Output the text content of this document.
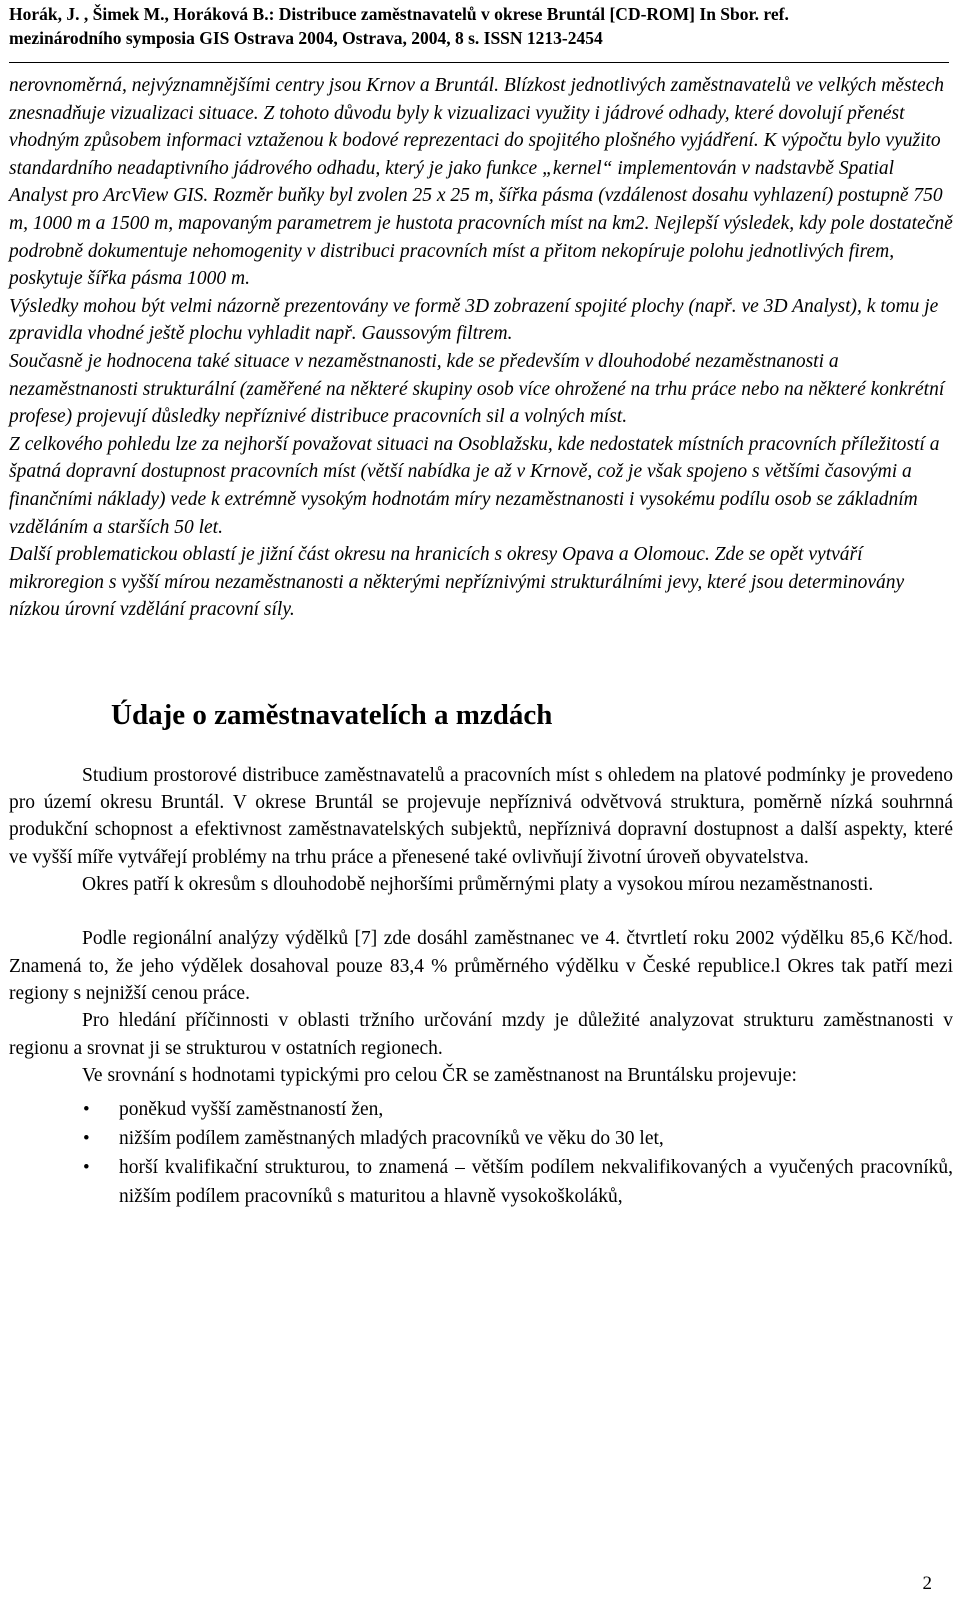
Horák, J. , Šimek M., Horáková B.: Distribuce zaměstnavatelů v okrese Bruntál [CD-ROM] In Sbor. ref.
mezinárodního symposia GIS Ostrava 2004, Ostrava, 2004, 8 s. ISSN 1213-2454

nerovnoměrná, nejvýznamnějšími centry jsou Krnov a Bruntál. Blízkost jednotlivých zaměstnavatelů ve velkých městech znesnadňuje vizualizaci situace. Z tohoto důvodu byly k vizualizaci využity i jádrové odhady, které dovolují přenést vhodným způsobem informaci vztaženou k bodové reprezentaci do spojitého plošného vyjádření. K výpočtu bylo využito standardního neadaptivního jádrového odhadu, který je jako funkce „kernel“ implementován v nadstavbě Spatial Analyst pro ArcView GIS. Rozměr buňky byl zvolen 25 x 25 m, šířka pásma (vzdálenost dosahu vyhlazení) postupně 750 m, 1000 m a 1500 m, mapovaným parametrem je hustota pracovních míst na km2. Nejlepší výsledek, kdy pole dostatečně podrobně dokumentuje nehomogenity v distribuci pracovních míst a přitom nekopíruje polohu jednotlivých firem, poskytuje šířka pásma 1000 m.

Výsledky mohou být velmi názorně prezentovány ve formě 3D zobrazení spojité plochy (např. ve 3D Analyst), k tomu je zpravidla vhodné ještě plochu vyhladit např. Gaussovým filtrem.

Současně je hodnocena také situace v nezaměstnanosti, kde se především v dlouhodobé nezaměstnanosti a nezaměstnanosti strukturální (zaměřené na některé skupiny osob více ohrožené na trhu práce nebo na některé konkrétní profese) projevují důsledky nepříznivé distribuce pracovních sil a volných míst.

Z celkového pohledu lze za nejhorší považovat situaci na Osoblažsku, kde nedostatek místních pracovních příležitostí a špatná dopravní dostupnost pracovních míst (větší nabídka je až v Krnově, což je však spojeno s většími časovými a finančními náklady) vede k extrémně vysokým hodnotám míry nezaměstnanosti i vysokému podílu osob se základním vzděláním a starších 50 let.

Další problematickou oblastí je jižní část okresu na hranicích s okresy Opava a Olomouc. Zde se opět vytváří mikroregion s vyšší mírou nezaměstnanosti a některými nepříznivými strukturálními jevy, které jsou determinovány nízkou úrovní vzdělání pracovní síly.

Údaje o zaměstnavatelích a mzdách

Studium prostorové distribuce zaměstnavatelů a pracovních míst s ohledem na platové podmínky je provedeno pro území okresu Bruntál. V okrese Bruntál se projevuje nepříznivá odvětvová struktura, poměrně nízká souhrnná produkční schopnost a efektivnost zaměstnavatelských subjektů, nepříznivá dopravní dostupnost a další aspekty, které ve vyšší míře vytvářejí problémy na trhu práce a přenesené také ovlivňují životní úroveň obyvatelstva.

Okres patří k okresům s dlouhodobě nejhoršími průměrnými platy a vysokou mírou nezaměstnanosti.

Podle regionální analýzy výdělků [7] zde dosáhl zaměstnanec ve 4. čtvrtletí roku 2002 výdělku 85,6 Kč/hod. Znamená to, že jeho výdělek dosahoval pouze 83,4 % průměrného výdělku v České republice.l Okres tak patří mezi regiony s nejnižší cenou práce.

Pro hledání příčinnosti v oblasti tržního určování mzdy je důležité analyzovat strukturu zaměstnanosti v regionu a srovnat ji se strukturou v ostatních regionech.

Ve srovnání s hodnotami typickými pro celou ČR se zaměstnanost na Bruntálsku projevuje:

• poněkud vyšší zaměstnaností žen,
• nižším podílem zaměstnaných mladých pracovníků ve věku do 30 let,
• horší kvalifikační strukturou, to znamená – větším podílem nekvalifikovaných a vyučených pracovníků, nižším podílem pracovníků s maturitou a hlavně vysokoškoláků,
2
